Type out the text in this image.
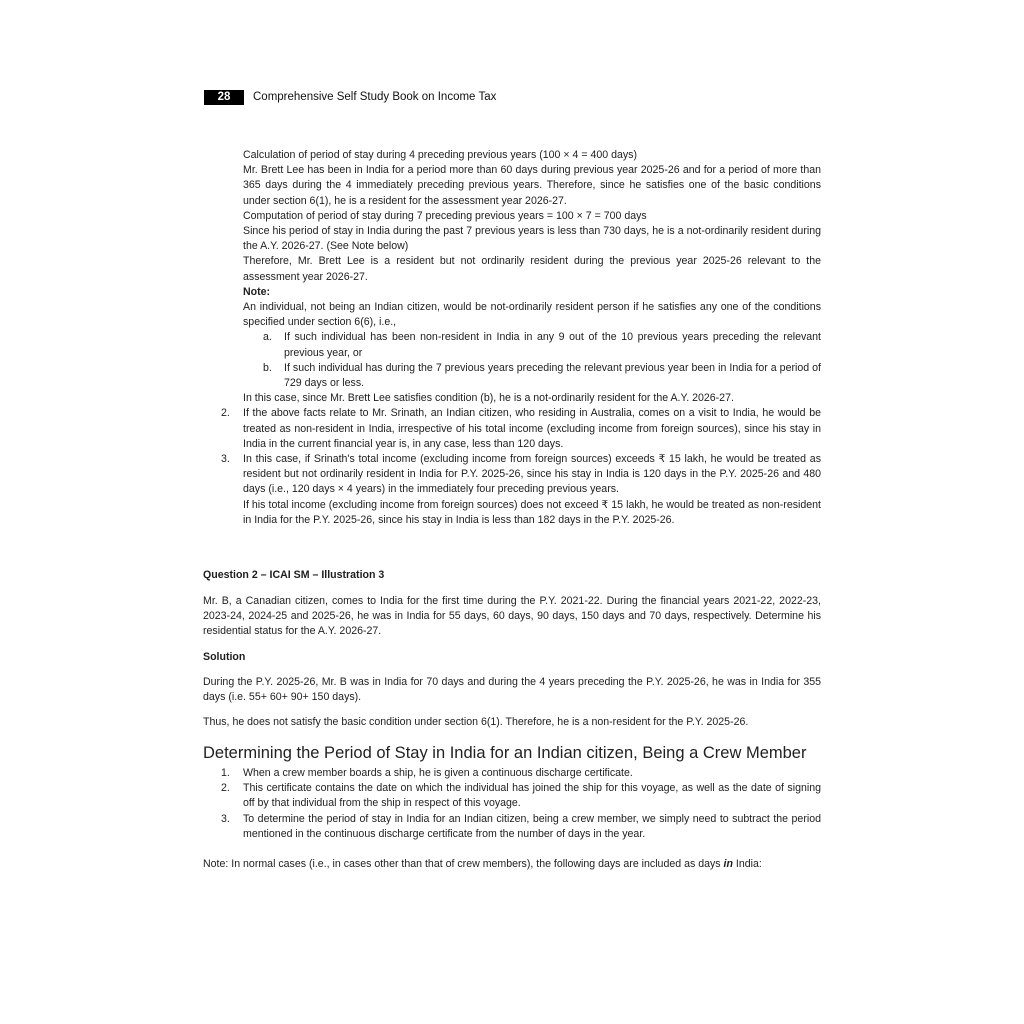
28	Comprehensive Self Study Book on Income Tax

Calculation of period of stay during 4 preceding previous years (100 × 4 = 400 days)

Mr. Brett Lee has been in India for a period more than 60 days during previous year 2025-26 and for a period of more than 365 days during the 4 immediately preceding previous years. Therefore, since he satisfies one of the basic conditions under section 6(1), he is a resident for the assessment year 2026-27.

Computation of period of stay during 7 preceding previous years = 100 × 7 = 700 days

Since his period of stay in India during the past 7 previous years is less than 730 days, he is a not-ordinarily resident during the A.Y. 2026-27. (See Note below)

Therefore, Mr. Brett Lee is a resident but not ordinarily resident during the previous year 2025-26 relevant to the assessment year 2026-27.

Note:

An individual, not being an Indian citizen, would be not-ordinarily resident person if he satisfies any one of the conditions specified under section 6(6), i.e.,

a. If such individual has been non-resident in India in any 9 out of the 10 previous years preceding the relevant previous year, or

b. If such individual has during the 7 previous years preceding the relevant previous year been in India for a period of 729 days or less.

In this case, since Mr. Brett Lee satisfies condition (b), he is a not-ordinarily resident for the A.Y. 2026-27.

2. If the above facts relate to Mr. Srinath, an Indian citizen, who residing in Australia, comes on a visit to India, he would be treated as non-resident in India, irrespective of his total income (excluding income from foreign sources), since his stay in India in the current financial year is, in any case, less than 120 days.

3. In this case, if Srinath's total income (excluding income from foreign sources) exceeds ₹ 15 lakh, he would be treated as resident but not ordinarily resident in India for P.Y. 2025-26, since his stay in India is 120 days in the P.Y. 2025-26 and 480 days (i.e., 120 days × 4 years) in the immediately four preceding previous years.

If his total income (excluding income from foreign sources) does not exceed ₹ 15 lakh, he would be treated as non-resident in India for the P.Y. 2025-26, since his stay in India is less than 182 days in the P.Y. 2025-26.

Question 2 – ICAI SM – Illustration 3
Mr. B, a Canadian citizen, comes to India for the first time during the P.Y. 2021-22. During the financial years 2021-22, 2022-23, 2023-24, 2024-25 and 2025-26, he was in India for 55 days, 60 days, 90 days, 150 days and 70 days, respectively. Determine his residential status for the A.Y. 2026-27.
Solution
During the P.Y. 2025-26, Mr. B was in India for 70 days and during the 4 years preceding the P.Y. 2025-26, he was in India for 355 days (i.e. 55+ 60+ 90+ 150 days).
Thus, he does not satisfy the basic condition under section 6(1). Therefore, he is a non-resident for the P.Y. 2025-26.
Determining the Period of Stay in India for an Indian citizen, Being a Crew Member

1. When a crew member boards a ship, he is given a continuous discharge certificate.

2. This certificate contains the date on which the individual has joined the ship for this voyage, as well as the date of signing off by that individual from the ship in respect of this voyage.

3. To determine the period of stay in India for an Indian citizen, being a crew member, we simply need to subtract the period mentioned in the continuous discharge certificate from the number of days in the year.

Note: In normal cases (i.e., in cases other than that of crew members), the following days are included as days in India:
